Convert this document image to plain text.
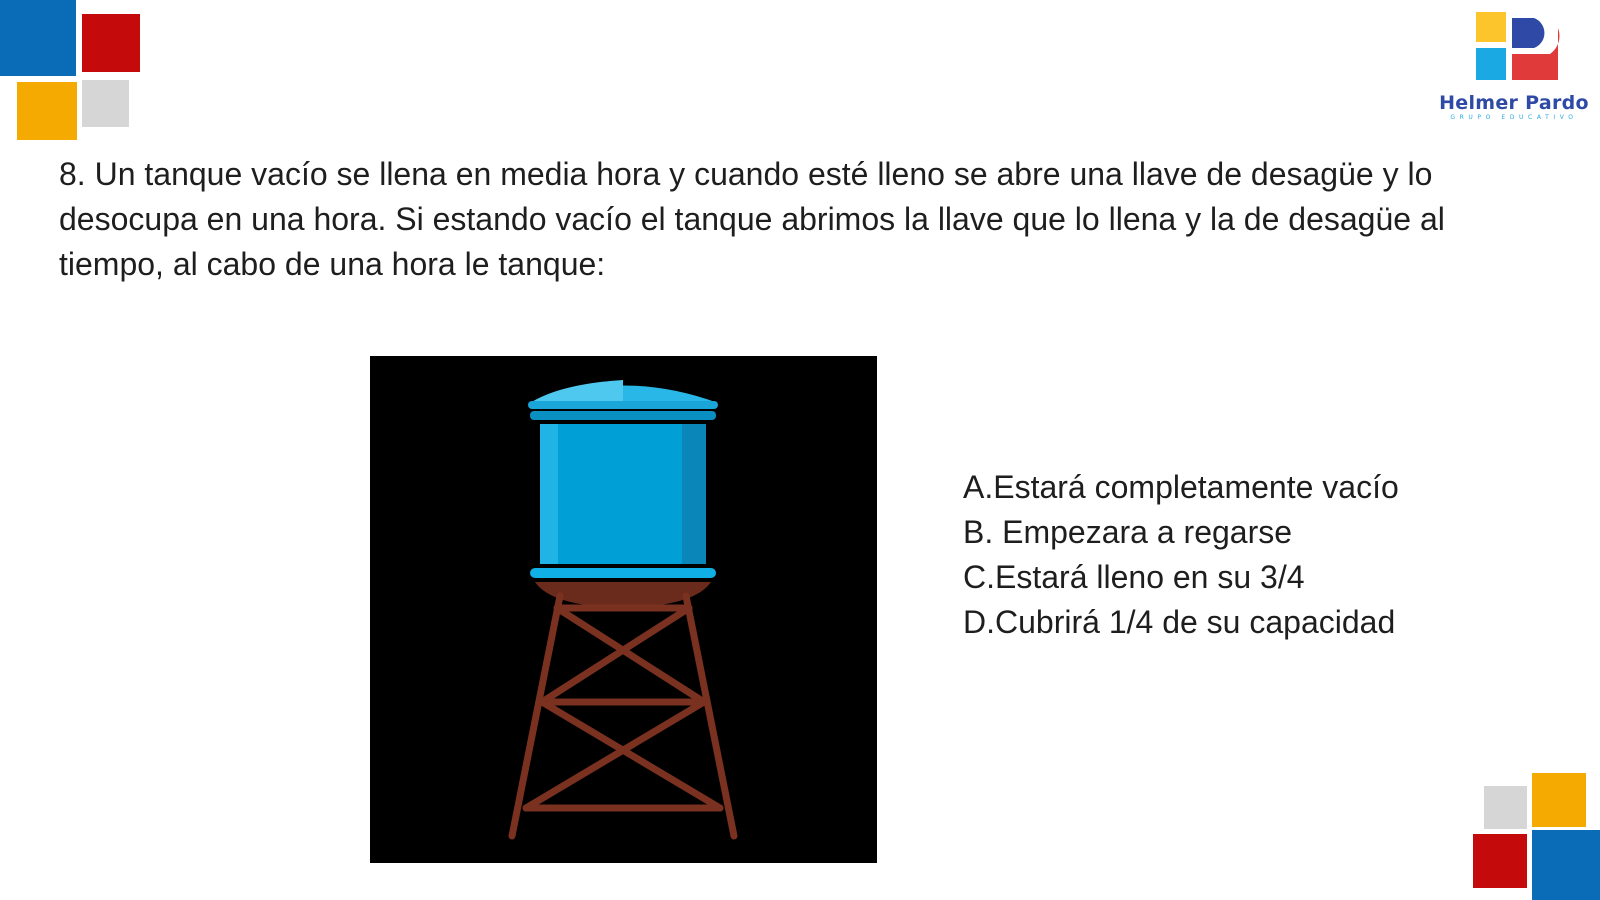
Helmer Pardo
GRUPO EDUCATIVO
8. Un tanque vacío se llena en media hora y cuando esté lleno se abre una llave de desagüe y lo desocupa en una hora. Si estando vacío el tanque abrimos la llave que lo llena y la de desagüe al tiempo, al cabo de una hora le tanque:
A.Estará completamente vacío
B. Empezara a regarse
C.Estará lleno en su 3/4
D.Cubrirá 1/4 de su capacidad
